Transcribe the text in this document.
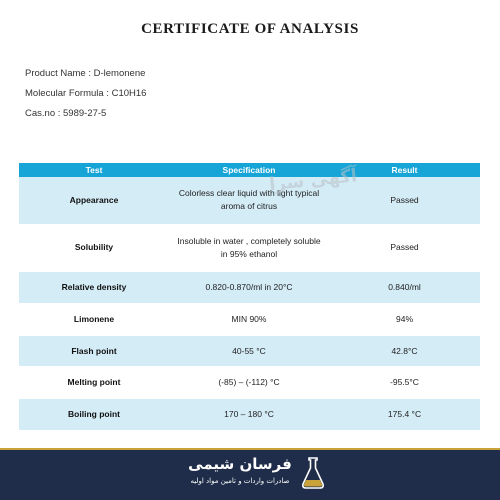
CERTIFICATE OF ANALYSIS
Product Name : D-lemonene
Molecular Formula : C10H16
Cas.no : 5989-27-5
Test	Specification	Result
Appearance	Colorless clear liquid with light typical aroma of citrus	Passed
Solubility	Insoluble in water , completely soluble in 95% ethanol	Passed
Relative density	0.820-0.870/ml in 20°C	0.840/ml
Limonene	MIN 90%	94%
Flash point	40-55 °C	42.8°C
Melting point	(-85) – (-112) °C	-95.5°C
Boiling point	170 – 180 °C	175.4 °C
آگهی سرا
فرسان شیمی
صادرات واردات و تامین مواد اولیه
